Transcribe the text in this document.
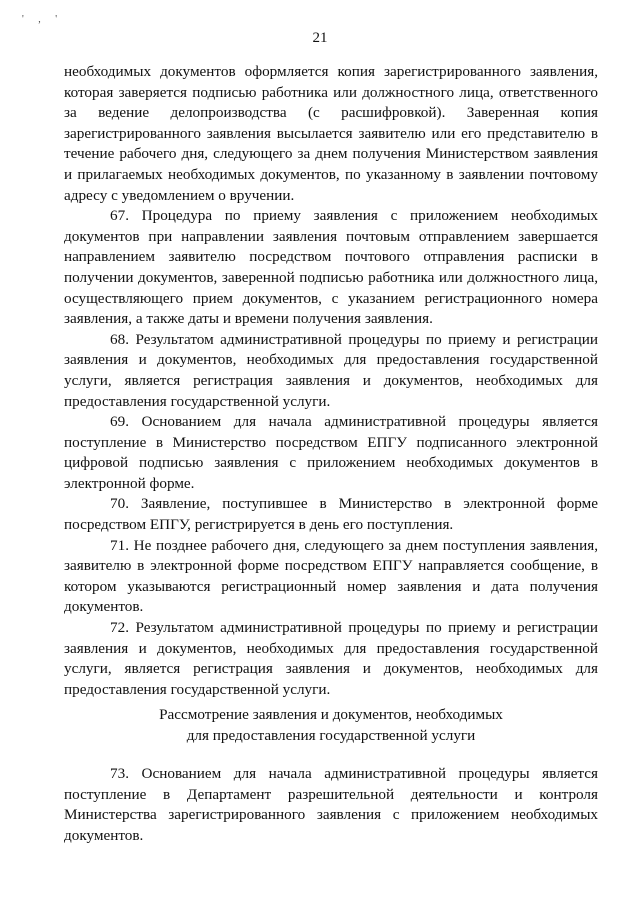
' , '
21

необходимых документов оформляется копия зарегистрированного заявления, которая заверяется подписью работника или должностного лица, ответственного за ведение делопроизводства (с расшифровкой). Заверенная копия зарегистрированного заявления высылается заявителю или его представителю в течение рабочего дня, следующего за днем получения Министерством заявления и прилагаемых необходимых документов, по указанному в заявлении почтовому адресу с уведомлением о вручении.

67. Процедура по приему заявления с приложением необходимых документов при направлении заявления почтовым отправлением завершается направлением заявителю посредством почтового отправления расписки в получении документов, заверенной подписью работника или должностного лица, осуществляющего прием документов, с указанием регистрационного номера заявления, а также даты и времени получения заявления.

68. Результатом административной процедуры по приему и регистрации заявления и документов, необходимых для предоставления государственной услуги, является регистрация заявления и документов, необходимых для предоставления государственной услуги.

69. Основанием для начала административной процедуры является поступление в Министерство посредством ЕПГУ подписанного электронной цифровой подписью заявления с приложением необходимых документов в электронной форме.

70. Заявление, поступившее в Министерство в электронной форме посредством ЕПГУ, регистрируется в день его поступления.

71. Не позднее рабочего дня, следующего за днем поступления заявления, заявителю в электронной форме посредством ЕПГУ направляется сообщение, в котором указываются регистрационный номер заявления и дата получения документов.

72. Результатом административной процедуры по приему и регистрации заявления и документов, необходимых для предоставления государственной услуги, является регистрация заявления и документов, необходимых для предоставления государственной услуги.

Рассмотрение заявления и документов, необходимых
для предоставления государственной услуги

73. Основанием для начала административной процедуры является поступление в Департамент разрешительной деятельности и контроля Министерства зарегистрированного заявления с приложением необходимых документов.
